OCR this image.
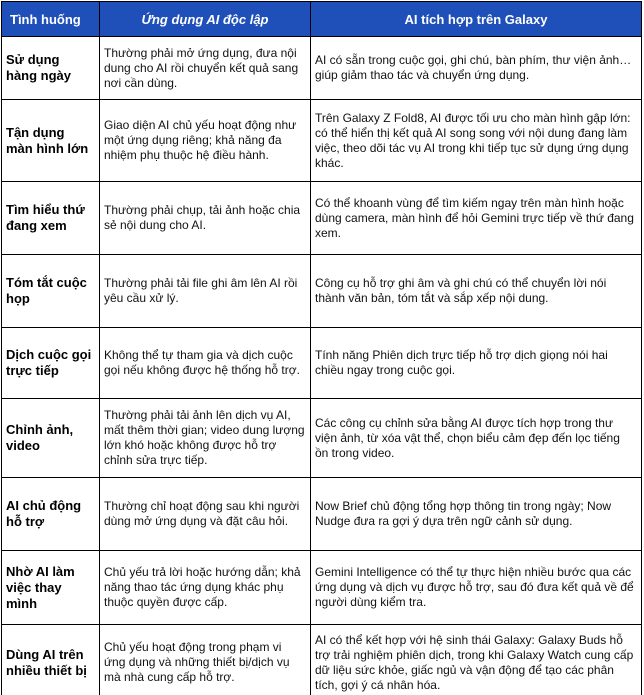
Tình huống	Ứng dụng AI độc lập	AI tích hợp trên Galaxy
Sử dụng hàng ngày	Thường phải mở ứng dụng, đưa nội dung cho AI rồi chuyển kết quả sang nơi cần dùng.	AI có sẵn trong cuộc gọi, ghi chú, bàn phím, thư viện ảnh… giúp giảm thao tác và chuyển ứng dụng.
Tận dụng màn hình lớn	Giao diện AI chủ yếu hoạt động như một ứng dụng riêng; khả năng đa nhiệm phụ thuộc hệ điều hành.	Trên Galaxy Z Fold8, AI được tối ưu cho màn hình gập lớn: có thể hiển thị kết quả AI song song với nội dung đang làm việc, theo dõi tác vụ AI trong khi tiếp tục sử dụng ứng dụng khác.
Tìm hiểu thứ đang xem	Thường phải chụp, tải ảnh hoặc chia sẻ nội dung cho AI.	Có thể khoanh vùng để tìm kiếm ngay trên màn hình hoặc dùng camera, màn hình để hỏi Gemini trực tiếp về thứ đang xem.
Tóm tắt cuộc họp	Thường phải tải file ghi âm lên AI rồi yêu cầu xử lý.	Công cụ hỗ trợ ghi âm và ghi chú có thể chuyển lời nói thành văn bản, tóm tắt và sắp xếp nội dung.
Dịch cuộc gọi trực tiếp	Không thể tự tham gia và dịch cuộc gọi nếu không được hệ thống hỗ trợ.	Tính năng Phiên dịch trực tiếp hỗ trợ dịch giọng nói hai chiều ngay trong cuộc gọi.
Chỉnh ảnh, video	Thường phải tải ảnh lên dịch vụ AI, mất thêm thời gian; video dung lượng lớn khó hoặc không được hỗ trợ chỉnh sửa trực tiếp.	Các công cụ chỉnh sửa bằng AI được tích hợp trong thư viện ảnh, từ xóa vật thể, chọn biểu cảm đẹp đến lọc tiếng ồn trong video.
AI chủ động hỗ trợ	Thường chỉ hoạt động sau khi người dùng mở ứng dụng và đặt câu hỏi.	Now Brief chủ động tổng hợp thông tin trong ngày; Now Nudge đưa ra gợi ý dựa trên ngữ cảnh sử dụng.
Nhờ AI làm việc thay mình	Chủ yếu trả lời hoặc hướng dẫn; khả năng thao tác ứng dụng khác phụ thuộc quyền được cấp.	Gemini Intelligence có thể tự thực hiện nhiều bước qua các ứng dụng và dịch vụ được hỗ trợ, sau đó đưa kết quả về để người dùng kiểm tra.
Dùng AI trên nhiều thiết bị	Chủ yếu hoạt động trong phạm vi ứng dụng và những thiết bị/dịch vụ mà nhà cung cấp hỗ trợ.	AI có thể kết hợp với hệ sinh thái Galaxy: Galaxy Buds hỗ trợ trải nghiệm phiên dịch, trong khi Galaxy Watch cung cấp dữ liệu sức khỏe, giấc ngủ và vận động để tạo các phân tích, gợi ý cá nhân hóa.
